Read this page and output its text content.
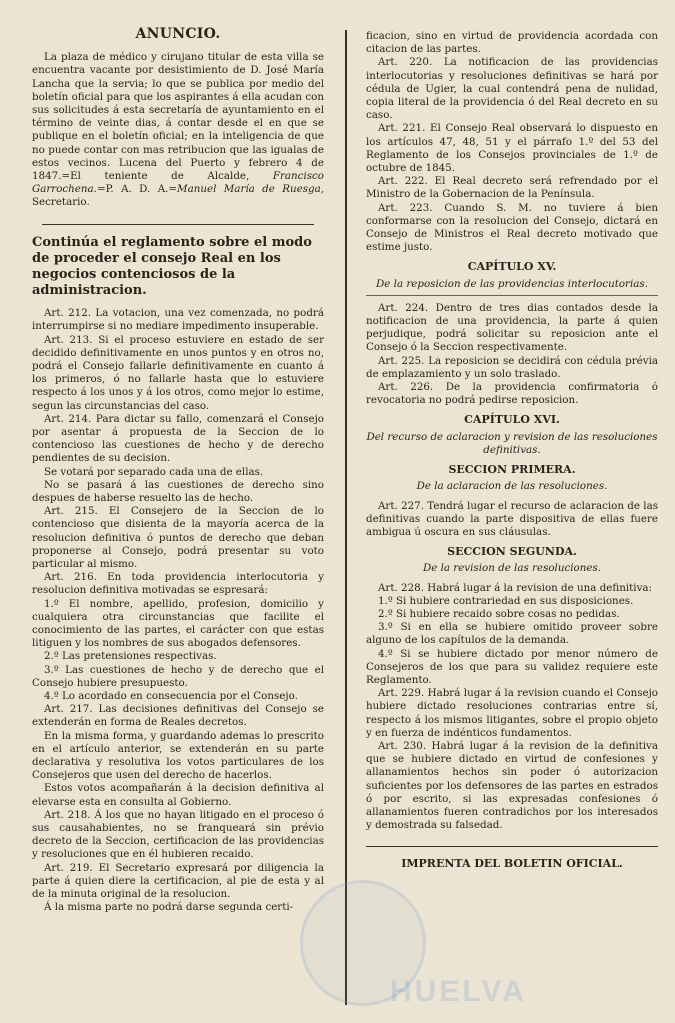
ANUNCIO.

La plaza de médico y cirujano titular de esta villa se encuentra vacante por desistimiento de D. José María Lancha que la servia; lo que se publica por medio del boletín oficial para que los aspirantes á ella acudan con sus solicitudes á esta secretaría de ayuntamiento en el término de veinte dias, á contar desde el en que se publique en el boletín oficial; en la inteligencia de que no puede contar con mas retribucion que las igualas de estos vecinos. Lucena del Puerto y febrero 4 de 1847.=El teniente de Alcalde, Francisco Garrochena.=P. A. D. A.=Manuel María de Ruesga, Secretario.

Continúa el reglamento sobre el modo de proceder el consejo Real en los negocios contenciosos de la administracion.

Art. 212. La votacion, una vez comenzada, no podrá interrumpirse si no mediare impedimento insuperable.

Art. 213. Si el proceso estuviere en estado de ser decidido definitivamente en unos puntos y en otros no, podrá el Consejo fallarle definitivamente en cuanto á los primeros, ó no fallarle hasta que lo estuviere respecto á los unos y á los otros, como mejor lo estime, segun las circunstancias del caso.

Art. 214. Para dictar su fallo, comenzará el Consejo por asentar á propuesta de la Seccion de lo contencioso las cuestiones de hecho y de derecho pendientes de su decision.

Se votará por separado cada una de ellas.

No se pasará á las cuestiones de derecho sino despues de haberse resuelto las de hecho.

Art. 215. El Consejero de la Seccion de lo contencioso que disienta de la mayoría acerca de la resolucion definitiva ó puntos de derecho que deban proponerse al Consejo, podrá presentar su voto particular al mismo.

Art. 216. En toda providencia interlocutoria y resolucion definitiva motivadas se espresará:

1.º El nombre, apellido, profesion, domicilio y cualquiera otra circunstancias que facilite el conocimiento de las partes, el carácter con que estas litiguen y los nombres de sus abogados defensores.

2.º Las pretensiones respectivas.

3.º Las cuestiones de hecho y de derecho que el Consejo hubiere presupuesto.

4.º Lo acordado en consecuencia por el Consejo.

Art. 217. Las decisiones definitivas del Consejo se extenderán en forma de Reales decretos.

En la misma forma, y guardando ademas lo prescrito en el artículo anterior, se extenderán en su parte declarativa y resolutiva los votos particulares de los Consejeros que usen del derecho de hacerlos.

Estos votos acompañarán á la decision definitiva al elevarse esta en consulta al Gobierno.

Art. 218. Á los que no hayan litigado en el proceso ó sus causahabientes, no se franqueará sin prévio decreto de la Seccion, certificacion de las providencias y resoluciones que en él hubieren recaido.

Art. 219. El Secretario expresará por diligencia la parte á quien diere la certificacion, al pie de esta y al de la minuta original de la resolucion.

Á la misma parte no podrá darse segunda certi-

ficacion, sino en virtud de providencia acordada con citacion de las partes.

Art. 220. La notificacion de las providencias interlocutorias y resoluciones definitivas se hará por cédula de Ugier, la cual contendrá pena de nulidad, copia literal de la providencia ó del Real decreto en su caso.

Art. 221. El Consejo Real observará lo dispuesto en los artículos 47, 48, 51 y el párrafo 1.º del 53 del Reglamento de los Consejos provinciales de 1.º de octubre de 1845.

Art. 222. El Real decreto será refrendado por el Ministro de la Gobernacion de la Península.

Art. 223. Cuando S. M. no tuviere á bien conformarse con la resolucion del Consejo, dictará en Consejo de Ministros el Real decreto motivado que estime justo.

CAPÍTULO XV.
De la reposicion de las providencias interlocutorias.

Art. 224. Dentro de tres dias contados desde la notificacion de una providencia, la parte á quien perjudique, podrá solicitar su reposicion ante el Consejo ó la Seccion respectivamente.

Art. 225. La reposicion se decidirá con cédula prévia de emplazamiento y un solo traslado.

Art. 226. De la providencia confirmatoria ó revocatoria no podrá pedirse reposicion.

CAPÍTULO XVI.
Del recurso de aclaracion y revision de las resoluciones definitivas.
SECCION PRIMERA.
De la aclaracion de las resoluciones.

Art. 227. Tendrá lugar el recurso de aclaracion de las definitivas cuando la parte dispositiva de ellas fuere ambigua ú oscura en sus cláusulas.

SECCION SEGUNDA.
De la revision de las resoluciones.

Art. 228. Habrá lugar á la revision de una definitiva:

1.º Si hubiere contrariedad en sus disposiciones.

2.º Si hubiere recaido sobre cosas no pedidas.

3.º Si en ella se hubiere omitido proveer sobre alguno de los capítulos de la demanda.

4.º Si se hubiere dictado por menor número de Consejeros de los que para su validez requiere este Reglamento.

Art. 229. Habrá lugar á la revision cuando el Consejo hubiere dictado resoluciones contrarias entre sí, respecto á los mismos litigantes, sobre el propio objeto y en fuerza de indénticos fundamentos.

Art. 230. Habrá lugar á la revision de la definitiva que se hubiere dictado en virtud de confesiones y allanamientos hechos sin poder ó autorizacion suficientes por los defensores de las partes en estrados ó por escrito, si las expresadas confesiones ó allanamientos fueren contradichos por los interesados y demostrada su falsedad.

IMPRENTA DEL BOLETIN OFICIAL.
HUELVA
